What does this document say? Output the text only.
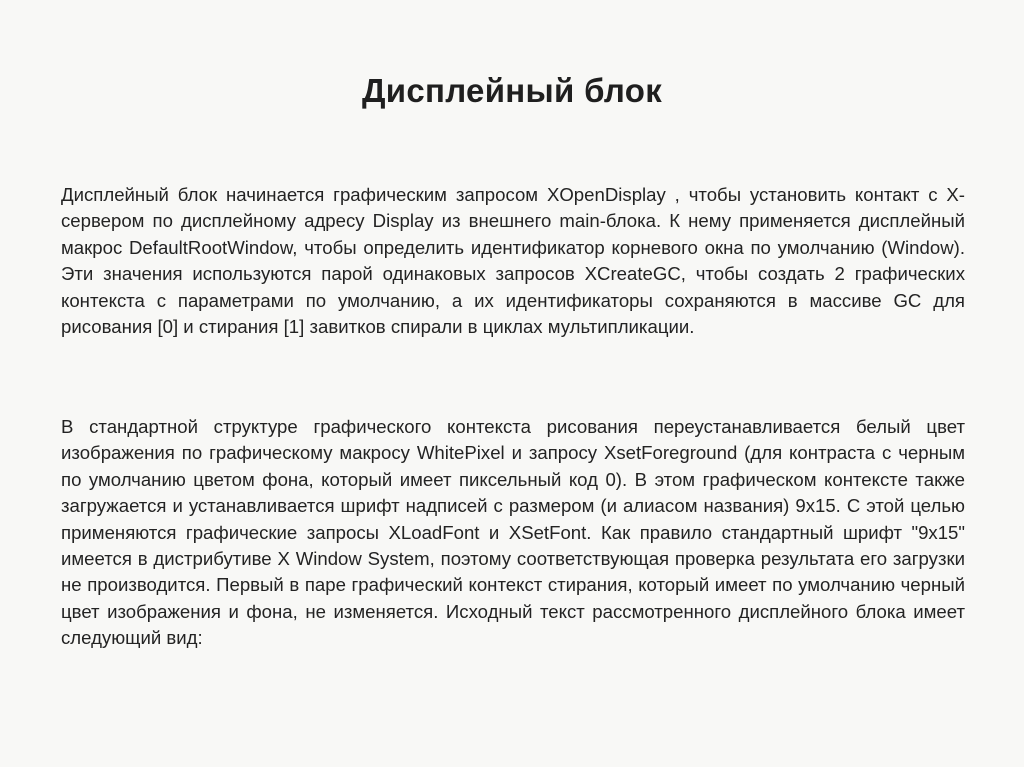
Дисплейный блок

Дисплейный блок начинается графическим запросом XOpenDisplay , чтобы установить контакт с X-сервером по дисплейному адресу Display из внешнего main-блока. К нему применяется дисплейный макрос DefaultRootWindow, чтобы определить идентификатор корневого окна по умолчанию (Window). Эти значения используются парой одинаковых запросов XCreateGC, чтобы создать 2 графических контекста с параметрами по умолчанию, а их идентификаторы сохраняются в массиве GC для рисования [0] и стирания [1] завитков спирали в циклах мультипликации.

В стандартной структуре графического контекста рисования переустанавливается белый цвет изображения по графическому макросу WhitePixel и запросу XsetForeground (для контраста с черным по умолчанию цветом фона, который имеет пиксельный код 0). В этом графическом контексте также загружается и устанавливается шрифт надписей с размером (и алиасом названия) 9x15. С этой целью применяются графические запросы XLoadFont и XSetFont. Как правило стандартный шрифт "9x15" имеется в дистрибутиве X Window System, поэтому соответствующая проверка результата его загрузки не производится. Первый в паре графический контекст стирания, который имеет по умолчанию черный цвет изображения и фона, не изменяется. Исходный текст рассмотренного дисплейного блока имеет следующий вид:
